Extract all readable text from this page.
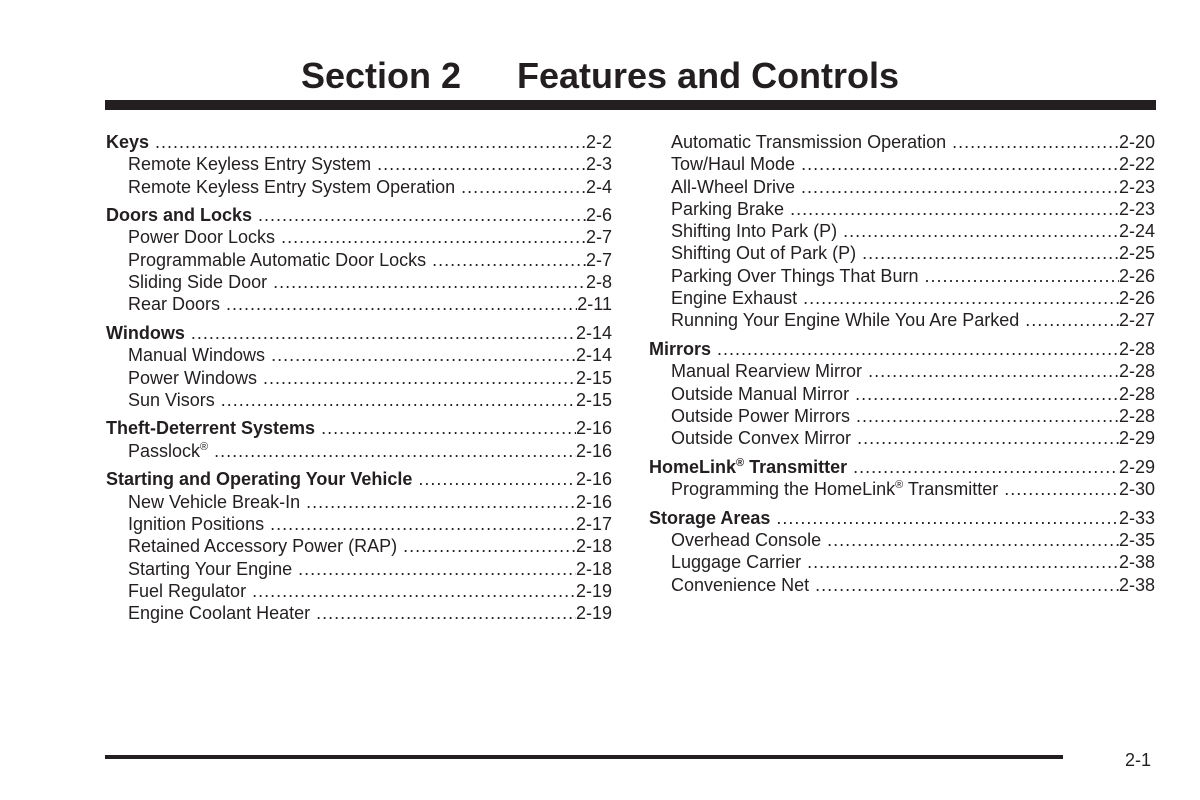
Section 2 Features and Controls
Keys .....	2-2
Remote Keyless Entry System .....	2-3
Remote Keyless Entry System Operation .....	2-4
Doors and Locks .....	2-6
Power Door Locks .....	2-7
Programmable Automatic Door Locks .....	2-7
Sliding Side Door .....	2-8
Rear Doors .....	2-11
Windows .....	2-14
Manual Windows .....	2-14
Power Windows .....	2-15
Sun Visors .....	2-15
Theft-Deterrent Systems .....	2-16
Passlock® .....	2-16
Starting and Operating Your Vehicle .....	2-16
New Vehicle Break-In .....	2-16
Ignition Positions .....	2-17
Retained Accessory Power (RAP) .....	2-18
Starting Your Engine .....	2-18
Fuel Regulator .....	2-19
Engine Coolant Heater .....	2-19
Automatic Transmission Operation .....	2-20
Tow/Haul Mode .....	2-22
All-Wheel Drive .....	2-23
Parking Brake .....	2-23
Shifting Into Park (P) .....	2-24
Shifting Out of Park (P) .....	2-25
Parking Over Things That Burn .....	2-26
Engine Exhaust .....	2-26
Running Your Engine While You Are Parked .....	2-27
Mirrors .....	2-28
Manual Rearview Mirror .....	2-28
Outside Manual Mirror .....	2-28
Outside Power Mirrors .....	2-28
Outside Convex Mirror .....	2-29
HomeLink® Transmitter .....	2-29
Programming the HomeLink® Transmitter .....	2-30
Storage Areas .....	2-33
Overhead Console .....	2-35
Luggage Carrier .....	2-38
Convenience Net .....	2-38
2-1
